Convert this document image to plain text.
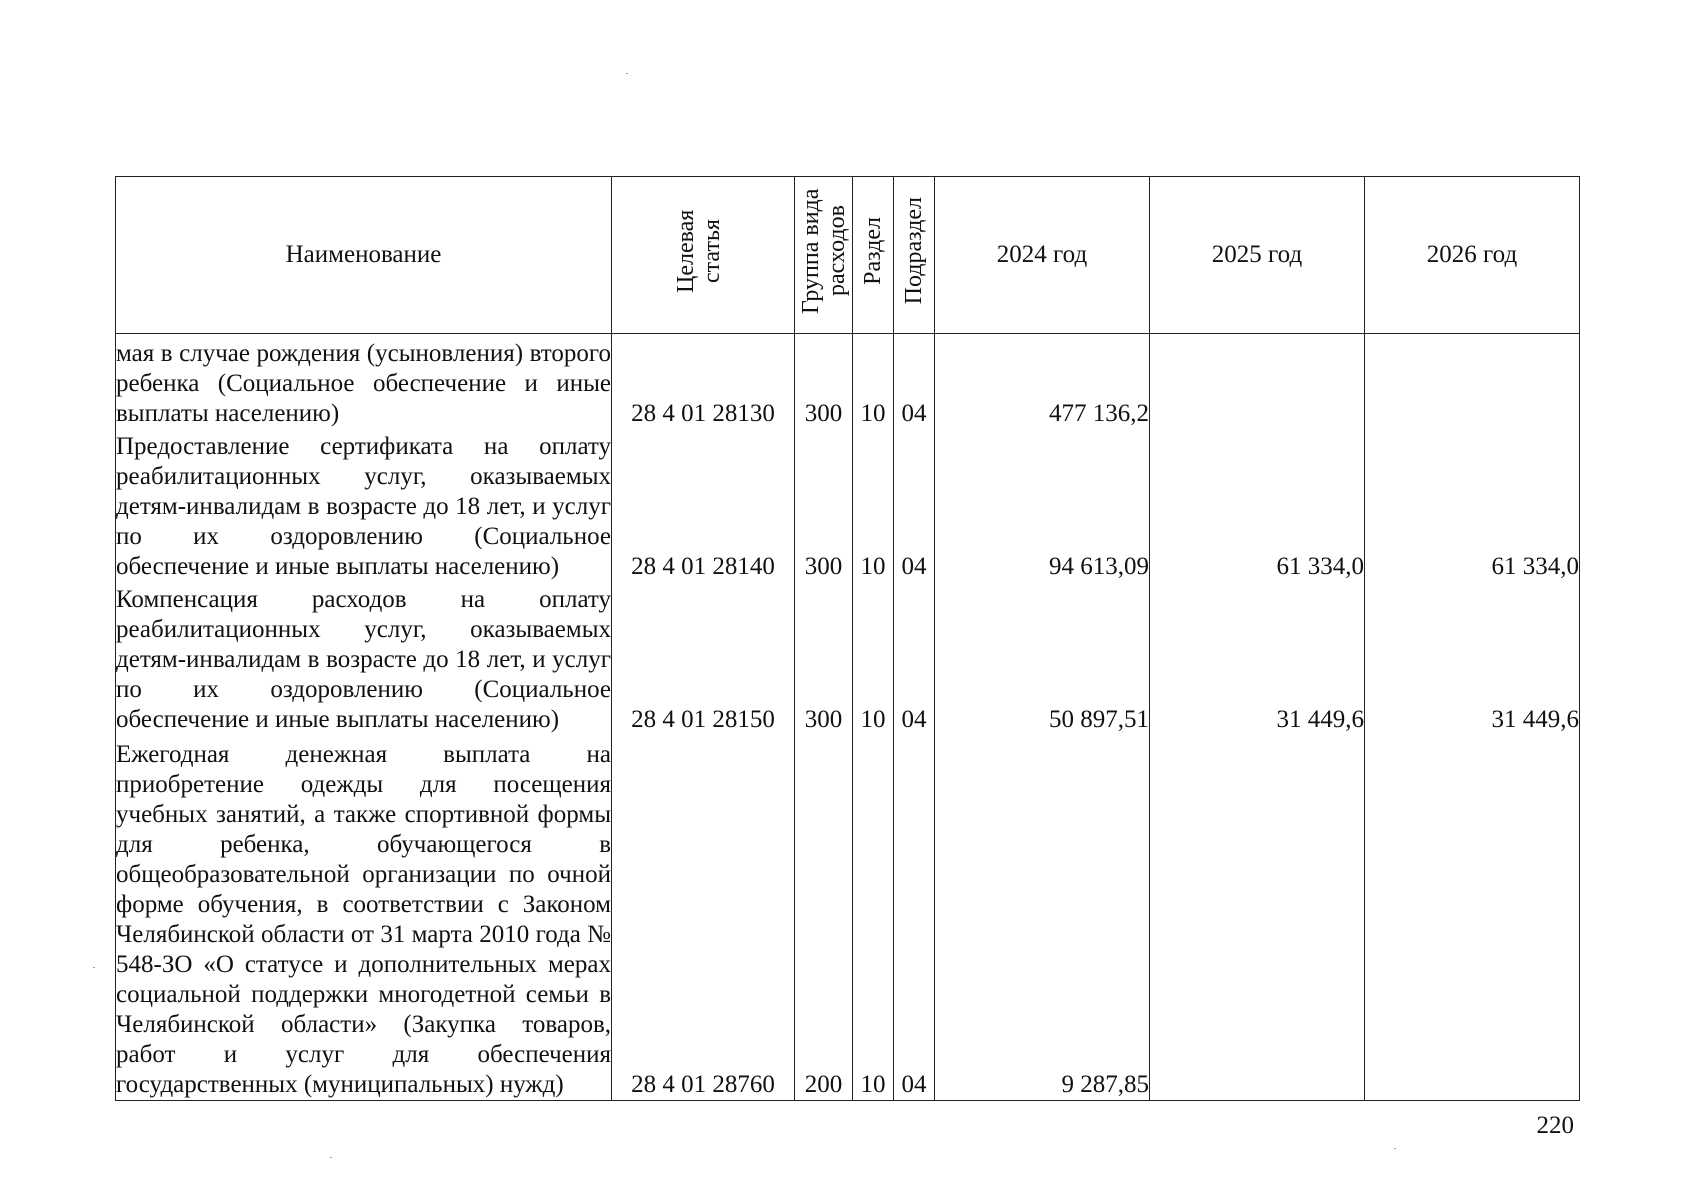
Наименование	Целевая статья	Группа вида расходов	Раздел	Подраздел	2024 год	2025 год	2026 год
мая в случае рождения (усыновления) второго ребенка (Социальное обеспечение и иные выплаты населению)	28 4 01 28130	300	10	04	477 136,2		
Предоставление сертификата на оплату реабилитационных услуг, оказываемых детям-инвалидам в возрасте до 18 лет, и услуг по их оздоровлению (Социальное обеспечение и иные выплаты населению)	28 4 01 28140	300	10	04	94 613,09	61 334,0	61 334,0
Компенсация расходов на оплату реабилитационных услуг, оказываемых детям-инвалидам в возрасте до 18 лет, и услуг по их оздоровлению (Социальное обеспечение и иные выплаты населению)	28 4 01 28150	300	10	04	50 897,51	31 449,6	31 449,6
Ежегодная денежная выплата на приобретение одежды для посещения учебных занятий, а также спортивной формы для ребенка, обучающегося в общеобразовательной организации по очной форме обучения, в соответствии с Законом Челябинской области от 31 марта 2010 года № 548-ЗО «О статусе и дополнительных мерах социальной поддержки многодетной семьи в Челябинской области» (Закупка товаров, работ и услуг для обеспечения государственных (муниципальных) нужд)	28 4 01 28760	200	10	04	9 287,85		
220
